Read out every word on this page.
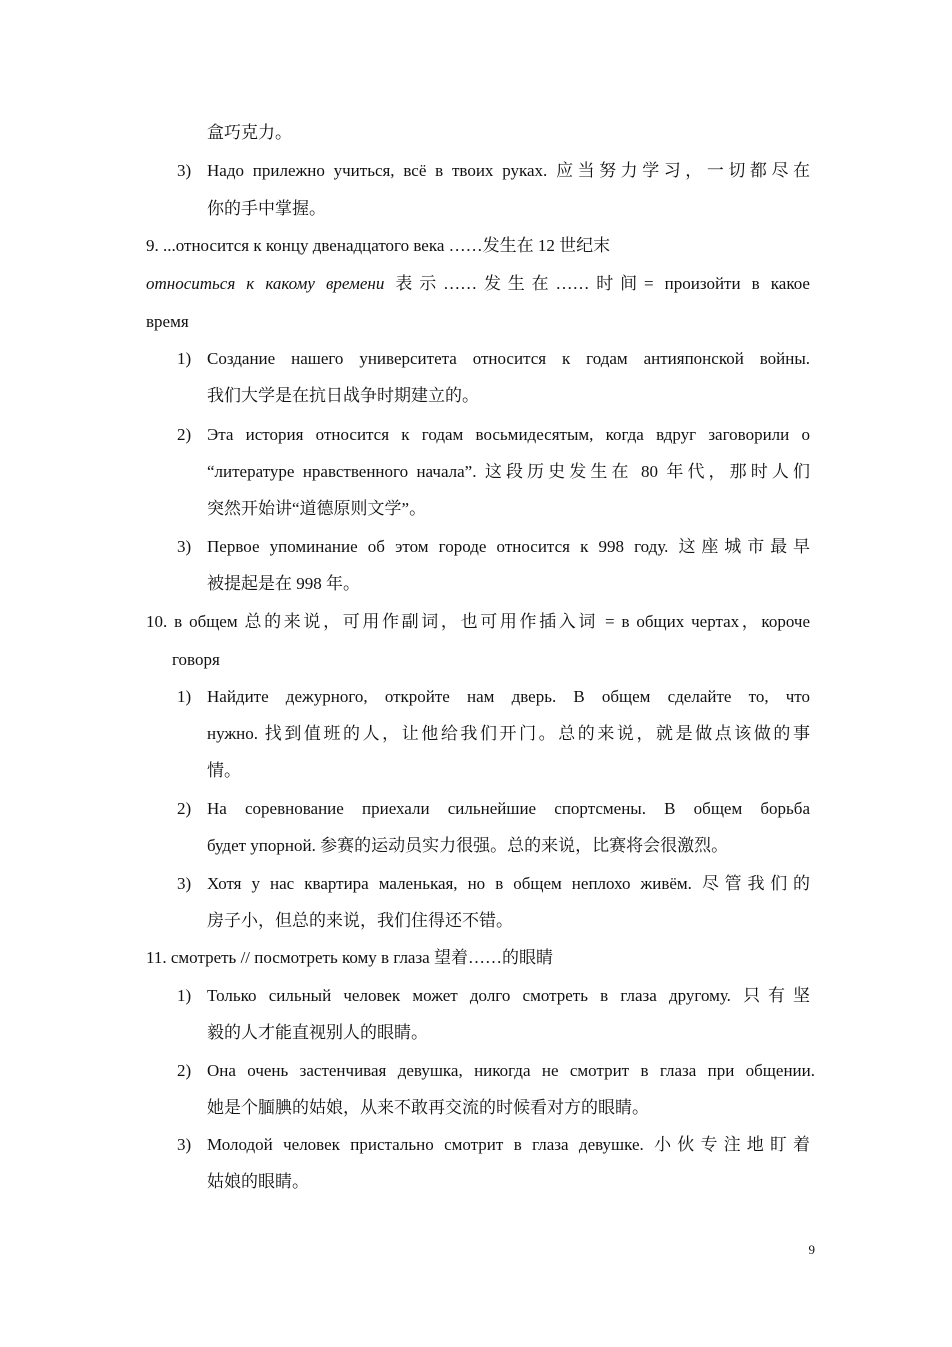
盒巧克力。
3) Надо прилежно учиться, всё в твоих руках. 应当努力学习，一切都尽在
你的手中掌握。
9. ...относится к концу двенадцатого века ……发生在 12 世纪末
относиться к какому времени 表示……发生在……时间= произойти в какое
время
1) Создание нашего университета относится к годам антияпонской войны.
我们大学是在抗日战争时期建立的。
2) Эта история относится к годам восьмидесятым, когда вдруг заговорили о
“литературе нравственного начала”. 这段历史发生在 80 年代，那时人们
突然开始讲“道德原则文学”。
3) Первое упоминание об этом городе относится к 998 году. 这座城市最早
被提起是在 998 年。
10. в общем 总的来说，可用作副词，也可用作插入词 = в общих чертах，короче
говоря
1) Найдите дежурного, откройте нам дверь. В общем сделайте то, что
нужно. 找到值班的人，让他给我们开门。总的来说，就是做点该做的事
情。
2) На соревнование приехали сильнейшие спортсмены. В общем борьба
будет упорной. 参赛的运动员实力很强。总的来说，比赛将会很激烈。
3) Хотя у нас квартира маленькая, но в общем неплохо живём. 尽管我们的
房子小，但总的来说，我们住得还不错。
11. смотреть // посмотреть кому в глаза 望着……的眼睛
1) Только сильный человек может долго смотреть в глаза другому. 只有坚
毅的人才能直视别人的眼睛。
2) Она очень застенчивая девушка, никогда не смотрит в глаза при общении.
她是个腼腆的姑娘，从来不敢再交流的时候看对方的眼睛。
3) Молодой человек пристально смотрит в глаза девушке. 小伙专注地盯着
姑娘的眼睛。
9
